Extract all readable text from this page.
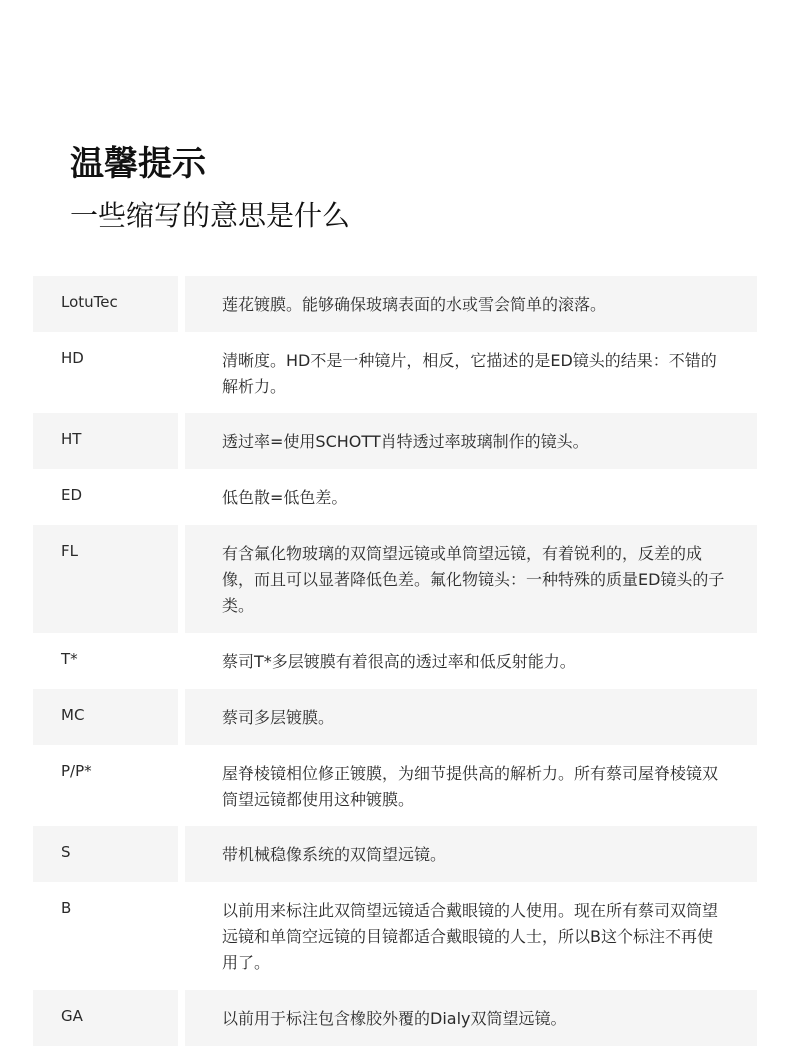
温馨提示
一些缩写的意思是什么
LotuTec	莲花镀膜。能够确保玻璃表面的水或雪会简单的滚落。
HD	清晰度。HD不是一种镜片，相反，它描述的是ED镜头的结果：不错的解析力。
HT	透过率=使用SCHOTT肖特透过率玻璃制作的镜头。
ED	低色散=低色差。
FL	有含氟化物玻璃的双筒望远镜或单筒望远镜，有着锐利的，反差的成像，而且可以显著降低色差。氟化物镜头：一种特殊的质量ED镜头的子类。
T*	蔡司T*多层镀膜有着很高的透过率和低反射能力。
MC	蔡司多层镀膜。
P/P*	屋脊棱镜相位修正镀膜，为细节提供高的解析力。所有蔡司屋脊棱镜双筒望远镜都使用这种镀膜。
S	带机械稳像系统的双筒望远镜。
B	以前用来标注此双筒望远镜适合戴眼镜的人使用。现在所有蔡司双筒望远镜和单筒空远镜的目镜都适合戴眼镜的人士，所以B这个标注不再使用了。
GA	以前用于标注包含橡胶外覆的Dialy双筒望远镜。
